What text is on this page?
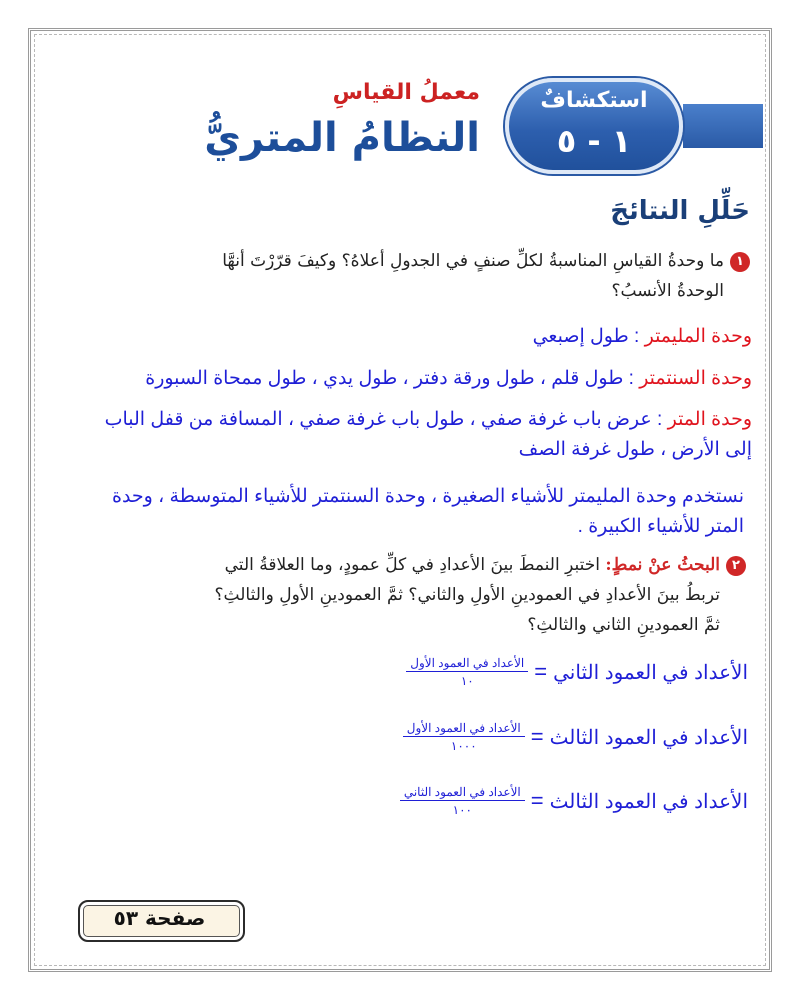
استكشافٌ
١ - ٥
معملُ القياسِ
النظامُ المتريُّ
حَلِّلِ النتائجَ
١ما وحدةُ القياسِ المناسبةُ لكلِّ صنفٍ في الجدولِ أعلاهُ؟ وكيفَ قرّرْتَ أنهَّا
الوحدةُ الأنسبُ؟
وحدة المليمتر : طول إصبعي
وحدة السنتمتر : طول قلم ، طول ورقة دفتر ، طول يدي ، طول ممحاة السبورة
وحدة المتر : عرض باب غرفة صفي ، طول باب غرفة صفي ، المسافة من قفل الباب
إلى الأرض ، طول غرفة الصف
نستخدم وحدة المليمتر للأشياء الصغيرة ، وحدة السنتمتر للأشياء المتوسطة ، وحدة
المتر للأشياء الكبيرة .
٢البحثُ عنْ نمطٍ: اختبرِ النمطَ بينَ الأعدادِ في كلِّ عمودٍ، وما العلاقةُ التي
تربطُ بينَ الأعدادِ في العمودينِ الأولِ والثاني؟ ثمَّ العمودينِ الأولِ والثالثِ؟
ثمَّ العمودينِ الثاني والثالثِ؟
الأعداد في العمود الثاني
=
$\frac{\text{الأعداد في العمود الأول}}{١٠}$
الأعداد في العمود الثالث
=
$\frac{\text{الأعداد في العمود الأول}}{١٠٠٠}$
الأعداد في العمود الثالث
=
$\frac{\text{الأعداد في العمود الثاني}}{١٠٠}$
صفحة ٥٣
